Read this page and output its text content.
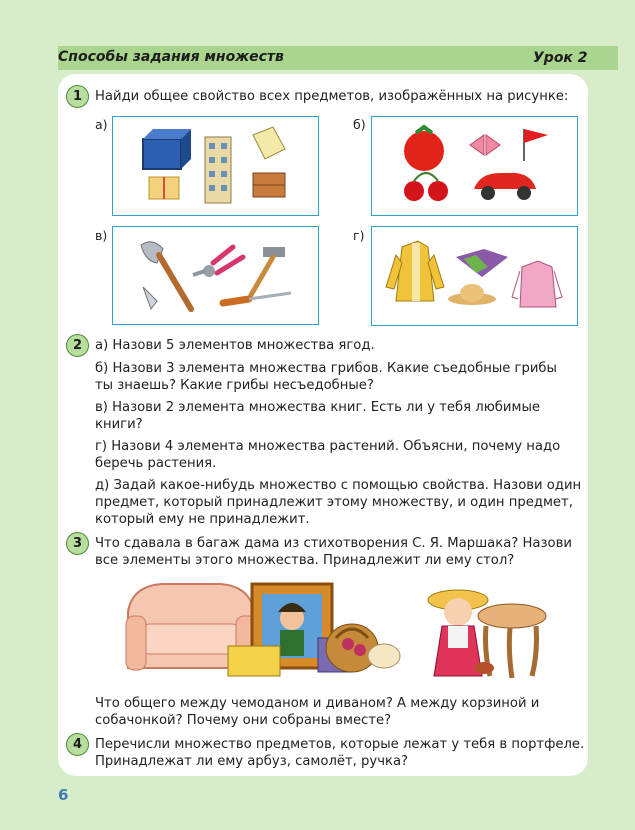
Способы задания множеств	Урок 2
1 Найди общее свойство всех предметов, изображённых на рисунке:
а)	б)
в)	г)
2 а) Назови 5 элементов множества ягод.
б) Назови 3 элемента множества грибов. Какие съедобные грибы
ты знаешь? Какие грибы несъедобные?
в) Назови 2 элемента множества книг. Есть ли у тебя любимые
книги?
г) Назови 4 элемента множества растений. Объясни, почему надо
беречь растения.
д) Задай какое-нибудь множество с помощью свойства. Назови один
предмет, который принадлежит этому множеству, и один предмет,
который ему не принадлежит.
3 Что сдавала в багаж дама из стихотворения С. Я. Маршака? Назови
все элементы этого множества. Принадлежит ли ему стол?
Что общего между чемоданом и диваном? А между корзиной и
собачонкой? Почему они собраны вместе?
4 Перечисли множество предметов, которые лежат у тебя в портфеле.
Принадлежат ли ему арбуз, самолёт, ручка?
6
